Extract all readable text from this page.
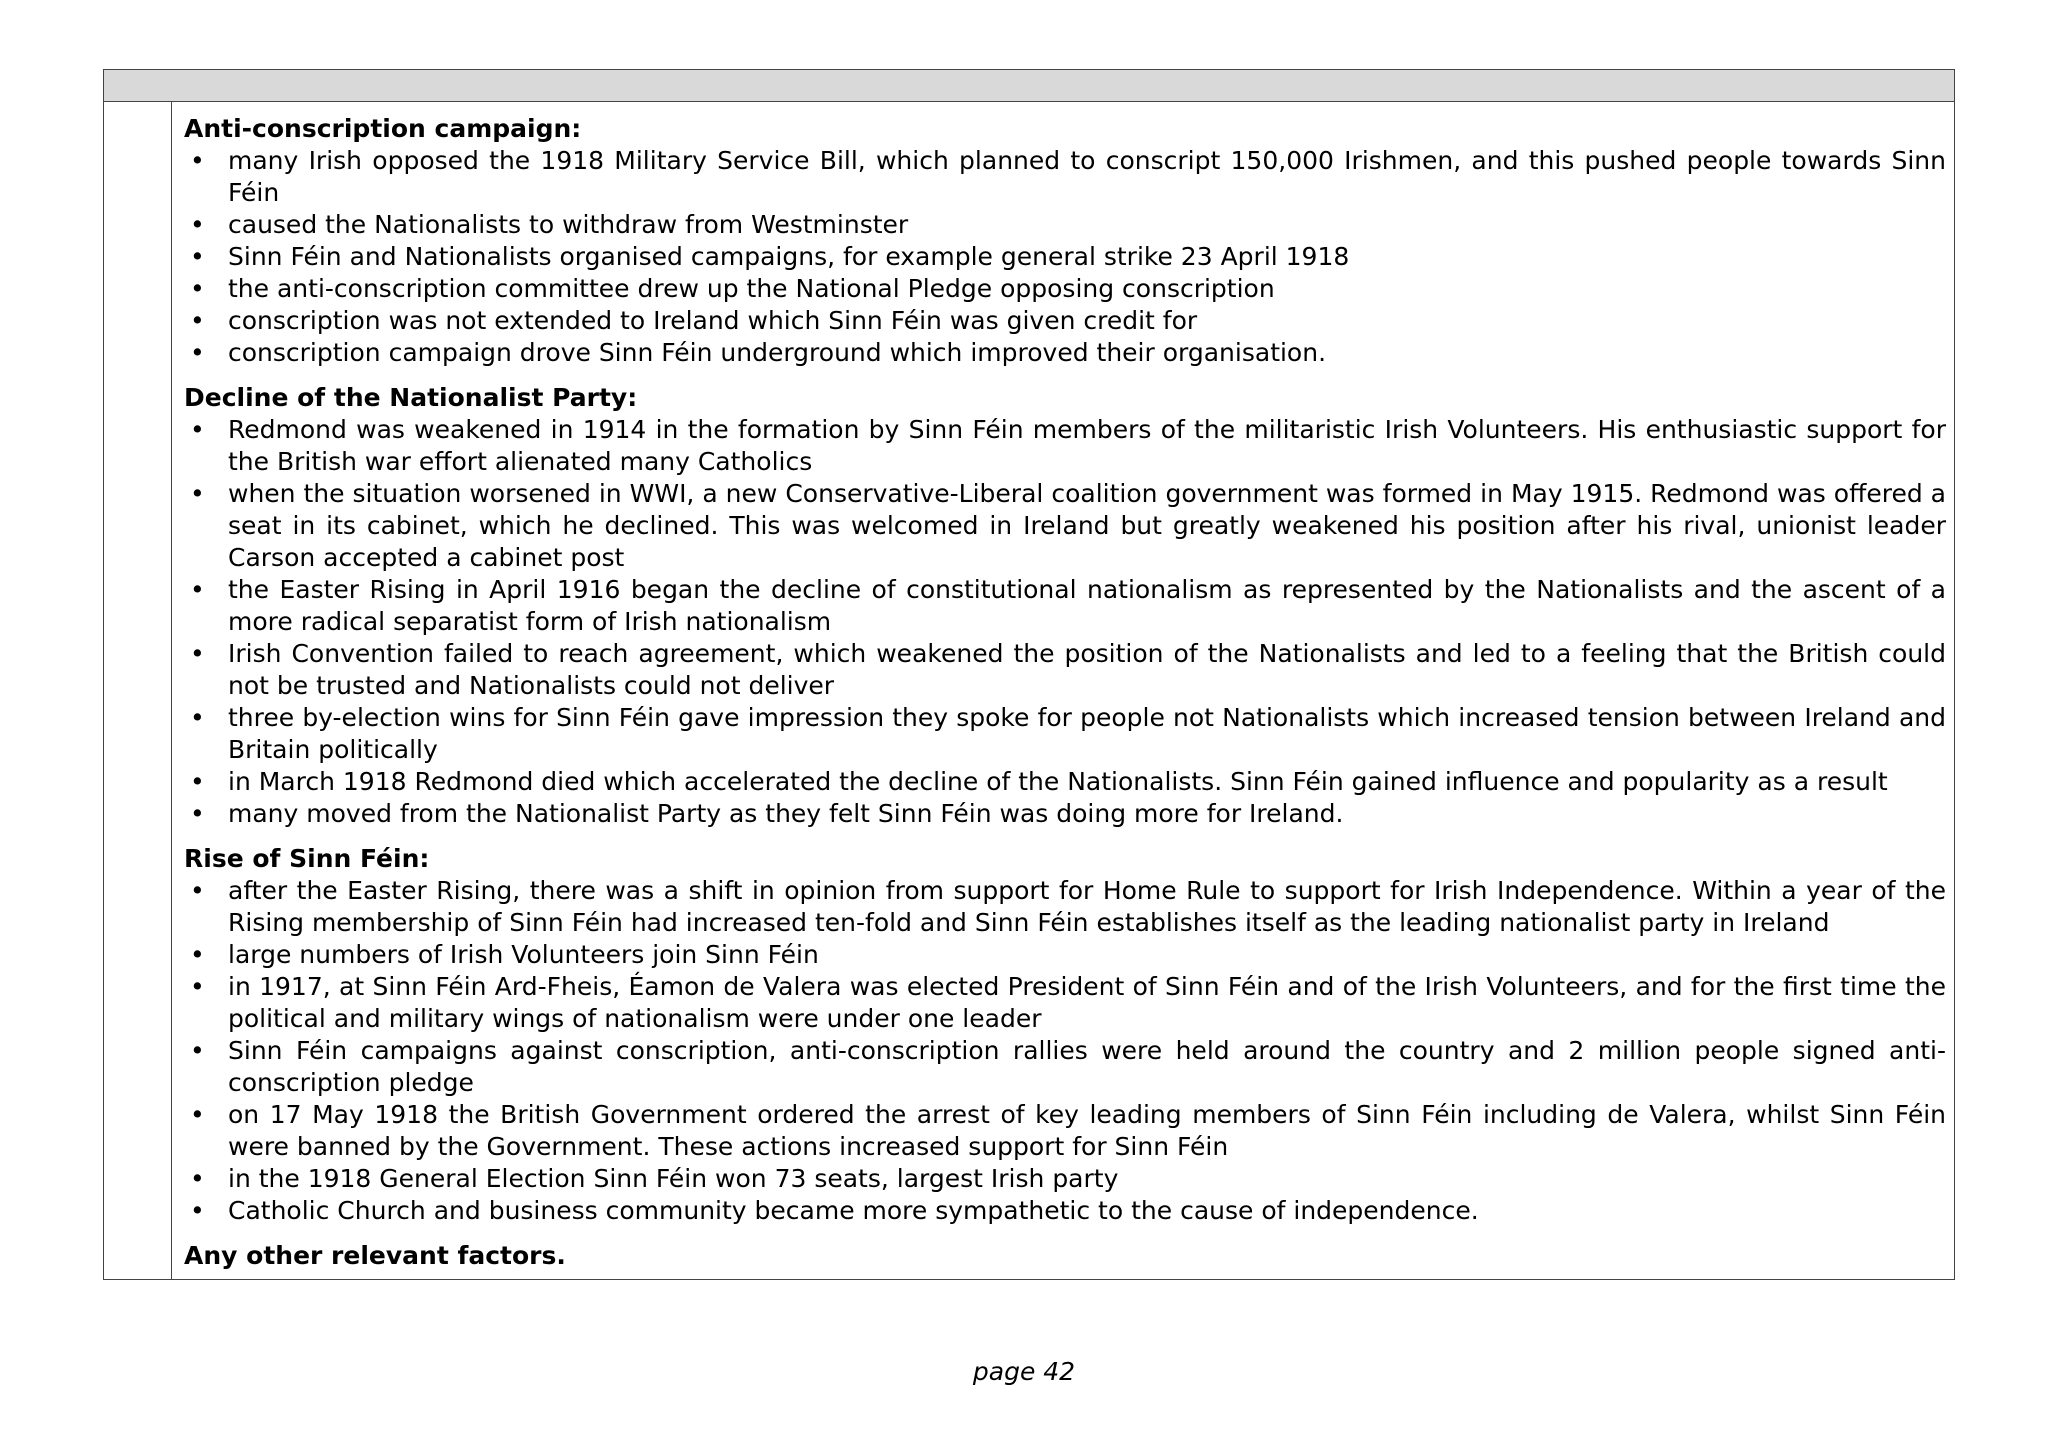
Anti-conscription campaign:

• many Irish opposed the 1918 Military Service Bill, which planned to conscript 150,000 Irishmen, and this pushed people towards Sinn Féin
• caused the Nationalists to withdraw from Westminster
• Sinn Féin and Nationalists organised campaigns, for example general strike 23 April 1918
• the anti-conscription committee drew up the National Pledge opposing conscription
• conscription was not extended to Ireland which Sinn Féin was given credit for
• conscription campaign drove Sinn Féin underground which improved their organisation.

Decline of the Nationalist Party:

• Redmond was weakened in 1914 in the formation by Sinn Féin members of the militaristic Irish Volunteers. His enthusiastic support for the British war effort alienated many Catholics
• when the situation worsened in WWI, a new Conservative-Liberal coalition government was formed in May 1915. Redmond was offered a seat in its cabinet, which he declined. This was welcomed in Ireland but greatly weakened his position after his rival, unionist leader Carson accepted a cabinet post
• the Easter Rising in April 1916 began the decline of constitutional nationalism as represented by the Nationalists and the ascent of a more radical separatist form of Irish nationalism
• Irish Convention failed to reach agreement, which weakened the position of the Nationalists and led to a feeling that the British could not be trusted and Nationalists could not deliver
• three by-election wins for Sinn Féin gave impression they spoke for people not Nationalists which increased tension between Ireland and Britain politically
• in March 1918 Redmond died which accelerated the decline of the Nationalists. Sinn Féin gained influence and popularity as a result
• many moved from the Nationalist Party as they felt Sinn Féin was doing more for Ireland.

Rise of Sinn Féin:

• after the Easter Rising, there was a shift in opinion from support for Home Rule to support for Irish Independence. Within a year of the Rising membership of Sinn Féin had increased ten-fold and Sinn Féin establishes itself as the leading nationalist party in Ireland
• large numbers of Irish Volunteers join Sinn Féin
• in 1917, at Sinn Féin Ard-Fheis, Éamon de Valera was elected President of Sinn Féin and of the Irish Volunteers, and for the first time the political and military wings of nationalism were under one leader
• Sinn Féin campaigns against conscription, anti-conscription rallies were held around the country and 2 million people signed anti-conscription pledge
• on 17 May 1918 the British Government ordered the arrest of key leading members of Sinn Féin including de Valera, whilst Sinn Féin were banned by the Government. These actions increased support for Sinn Féin
• in the 1918 General Election Sinn Féin won 73 seats, largest Irish party
• Catholic Church and business community became more sympathetic to the cause of independence.

Any other relevant factors.

page 42
